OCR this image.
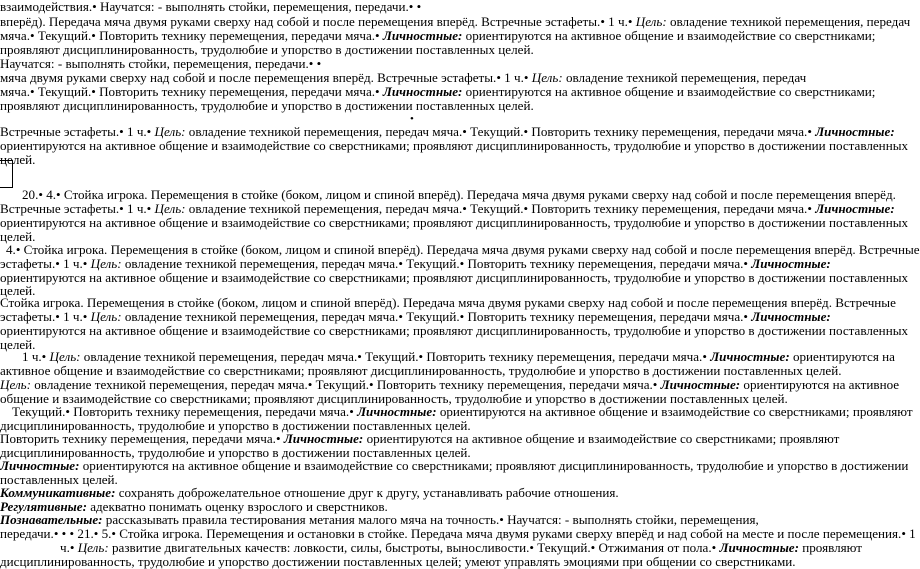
взаимодействия.• Научатся: - выполнять стойки, перемещения, передачи.• •
вперёд). Передача мяча двумя руками сверху над собой и после перемещения вперёд. Встречные эстафеты.• 1 ч.• Цель: овладение техникой перемещения, передач
мяча.• Текущий.• Повторить технику перемещения, передачи мяча.• Личностные: ориентируются на активное общение и взаимодействие со сверстниками;
проявляют дисциплинированность, трудолюбие и упорство в достижении поставленных целей.
Научатся: - выполнять стойки, перемещения, передачи.• •
мяча двумя руками сверху над собой и после перемещения вперёд. Встречные эстафеты.• 1 ч.• Цель: овладение техникой перемещения, передач
мяча.• Текущий.• Повторить технику перемещения, передачи мяча.• Личностные: ориентируются на активное общение и взаимодействие со сверстниками;
проявляют дисциплинированность, трудолюбие и упорство в достижении поставленных целей.
•
Встречные эстафеты.• 1 ч.• Цель: овладение техникой перемещения, передач мяча.• Текущий.• Повторить технику перемещения, передачи мяча.• Личностные:
ориентируются на активное общение и взаимодействие со сверстниками; проявляют дисциплинированность, трудолюбие и упорство в достижении поставленных
целей.
20.• 4.• Стойка игрока. Перемещения в стойке (боком, лицом и спиной вперёд). Передача мяча двумя руками сверху над собой и после перемещения вперёд.
Встречные эстафеты.• 1 ч.• Цель: овладение техникой перемещения, передач мяча.• Текущий.• Повторить технику перемещения, передачи мяча.• Личностные:
ориентируются на активное общение и взаимодействие со сверстниками; проявляют дисциплинированность, трудолюбие и упорство в достижении поставленных
целей.
4.• Стойка игрока. Перемещения в стойке (боком, лицом и спиной вперёд). Передача мяча двумя руками сверху над собой и после перемещения вперёд. Встречные
эстафеты.• 1 ч.• Цель: овладение техникой перемещения, передач мяча.• Текущий.• Повторить технику перемещения, передачи мяча.• Личностные:
ориентируются на активное общение и взаимодействие со сверстниками; проявляют дисциплинированность, трудолюбие и упорство в достижении поставленных
целей.
Стойка игрока. Перемещения в стойке (боком, лицом и спиной вперёд). Передача мяча двумя руками сверху над собой и после перемещения вперёд. Встречные
эстафеты.• 1 ч.• Цель: овладение техникой перемещения, передач мяча.• Текущий.• Повторить технику перемещения, передачи мяча.• Личностные:
ориентируются на активное общение и взаимодействие со сверстниками; проявляют дисциплинированность, трудолюбие и упорство в достижении поставленных
целей.
1 ч.• Цель: овладение техникой перемещения, передач мяча.• Текущий.• Повторить технику перемещения, передачи мяча.• Личностные: ориентируются на
активное общение и взаимодействие со сверстниками; проявляют дисциплинированность, трудолюбие и упорство в достижении поставленных целей.
Цель: овладение техникой перемещения, передач мяча.• Текущий.• Повторить технику перемещения, передачи мяча.• Личностные: ориентируются на активное
общение и взаимодействие со сверстниками; проявляют дисциплинированность, трудолюбие и упорство в достижении поставленных целей.
Текущий.• Повторить технику перемещения, передачи мяча.• Личностные: ориентируются на активное общение и взаимодействие со сверстниками; проявляют
дисциплинированность, трудолюбие и упорство в достижении поставленных целей.
Повторить технику перемещения, передачи мяча.• Личностные: ориентируются на активное общение и взаимодействие со сверстниками; проявляют
дисциплинированность, трудолюбие и упорство в достижении поставленных целей.
Личностные: ориентируются на активное общение и взаимодействие со сверстниками; проявляют дисциплинированность, трудолюбие и упорство в достижении
поставленных целей.
Коммуникативные: сохранять доброжелательное отношение друг к другу, устанавливать рабочие отношения.
Регулятивные: адекватно понимать оценку взрослого и сверстников.
Познавательные: рассказывать правила тестирования метания малого мяча на точность.• Научатся: - выполнять стойки, перемещения,
передачи.• • • 21.• 5.• Стойка игрока. Перемещения и остановки в стойке. Передача мяча двумя руками сверху вперёд и над собой на месте и после перемещения.• 1
ч.• Цель: развитие двигательных качеств: ловкости, силы, быстроты, выносливости.• Текущий.• Отжимания от пола.• Личностные: проявляют
дисциплинированность, трудолюбие и упорство достижении поставленных целей; умеют управлять эмоциями при общении со сверстниками.
